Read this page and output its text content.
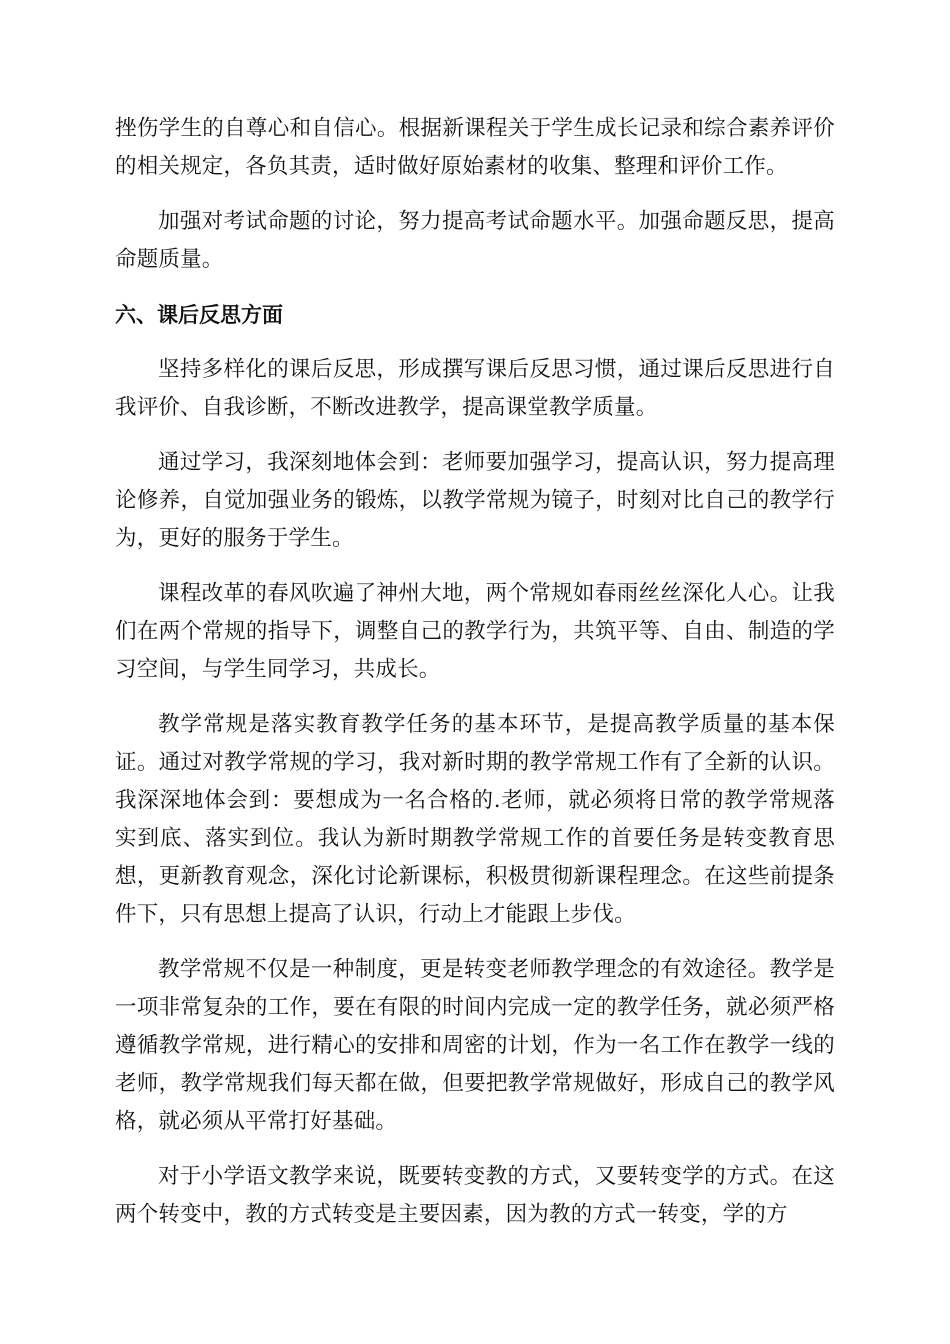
挫伤学生的自尊心和自信心。根据新课程关于学生成长记录和综合素养评价的相关规定，各负其责，适时做好原始素材的收集、整理和评价工作。

加强对考试命题的讨论，努力提高考试命题水平。加强命题反思，提高命题质量。

六、课后反思方面

坚持多样化的课后反思，形成撰写课后反思习惯，通过课后反思进行自我评价、自我诊断，不断改进教学，提高课堂教学质量。

通过学习，我深刻地体会到：老师要加强学习，提高认识，努力提高理论修养，自觉加强业务的锻炼，以教学常规为镜子，时刻对比自己的教学行为，更好的服务于学生。

课程改革的春风吹遍了神州大地，两个常规如春雨丝丝深化人心。让我们在两个常规的指导下，调整自己的教学行为，共筑平等、自由、制造的学习空间，与学生同学习，共成长。

教学常规是落实教育教学任务的基本环节，是提高教学质量的基本保证。通过对教学常规的学习，我对新时期的教学常规工作有了全新的认识。我深深地体会到：要想成为一名合格的.老师，就必须将日常的教学常规落实到底、落实到位。我认为新时期教学常规工作的首要任务是转变教育思想，更新教育观念，深化讨论新课标，积极贯彻新课程理念。在这些前提条件下，只有思想上提高了认识，行动上才能跟上步伐。

教学常规不仅是一种制度，更是转变老师教学理念的有效途径。教学是一项非常复杂的工作，要在有限的时间内完成一定的教学任务，就必须严格遵循教学常规，进行精心的安排和周密的计划，作为一名工作在教学一线的老师，教学常规我们每天都在做，但要把教学常规做好，形成自己的教学风格，就必须从平常打好基础。

对于小学语文教学来说，既要转变教的方式，又要转变学的方式。在这两个转变中，教的方式转变是主要因素，因为教的方式一转变，学的方
